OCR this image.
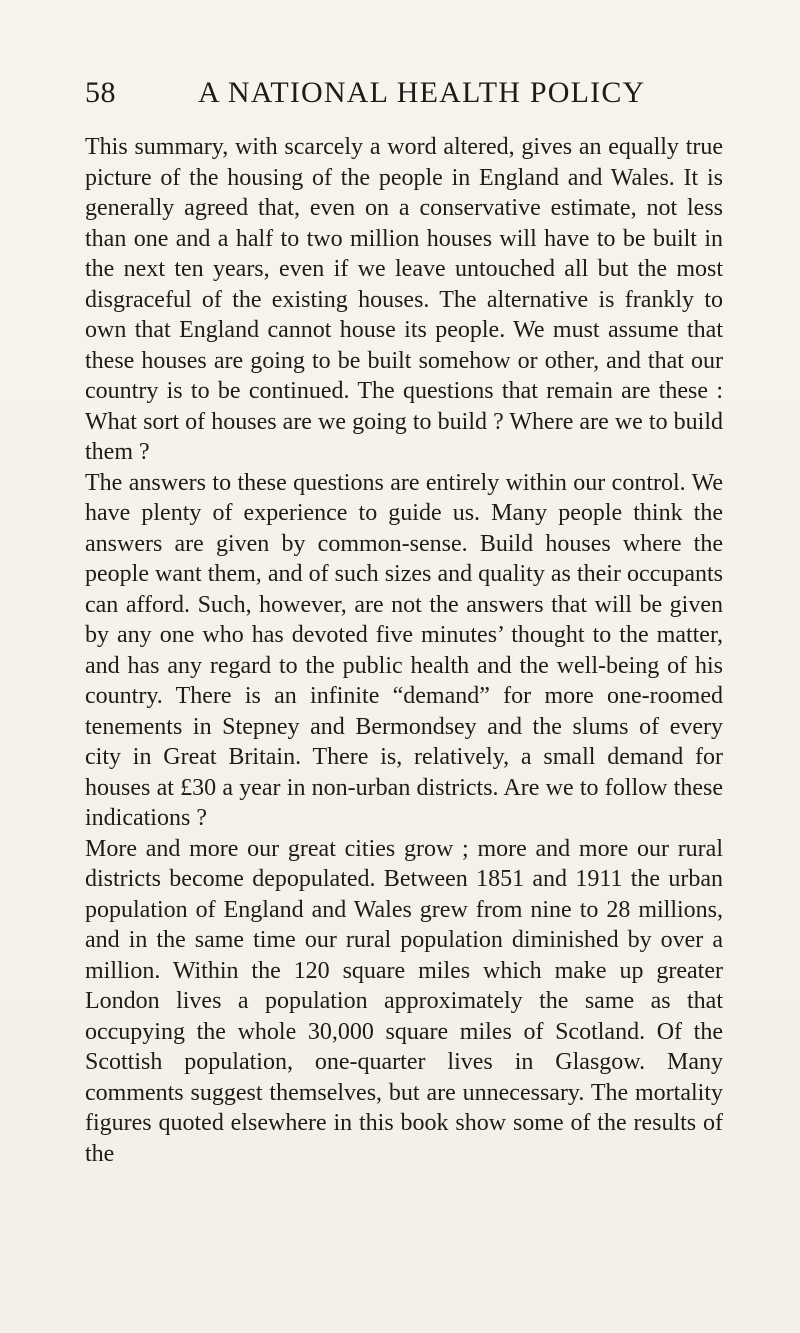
58	A NATIONAL HEALTH POLICY

This summary, with scarcely a word altered, gives an equally true picture of the housing of the people in England and Wales. It is generally agreed that, even on a conservative estimate, not less than one and a half to two million houses will have to be built in the next ten years, even if we leave untouched all but the most disgraceful of the existing houses. The alternative is frankly to own that England cannot house its people. We must assume that these houses are going to be built somehow or other, and that our country is to be continued. The questions that remain are these : What sort of houses are we going to build ? Where are we to build them ?

The answers to these questions are entirely within our control. We have plenty of experience to guide us. Many people think the answers are given by common-sense. Build houses where the people want them, and of such sizes and quality as their occupants can afford. Such, however, are not the answers that will be given by any one who has devoted five minutes’ thought to the matter, and has any regard to the public health and the well-being of his country. There is an infinite “demand” for more one-roomed tenements in Stepney and Bermondsey and the slums of every city in Great Britain. There is, relatively, a small demand for houses at £30 a year in non-urban districts. Are we to follow these indications ?

More and more our great cities grow ; more and more our rural districts become depopulated. Between 1851 and 1911 the urban population of England and Wales grew from nine to 28 millions, and in the same time our rural population diminished by over a million. Within the 120 square miles which make up greater London lives a population approximately the same as that occupying the whole 30,000 square miles of Scotland. Of the Scottish population, one-quarter lives in Glasgow. Many comments suggest themselves, but are unnecessary. The mortality figures quoted elsewhere in this book show some of the results of the
